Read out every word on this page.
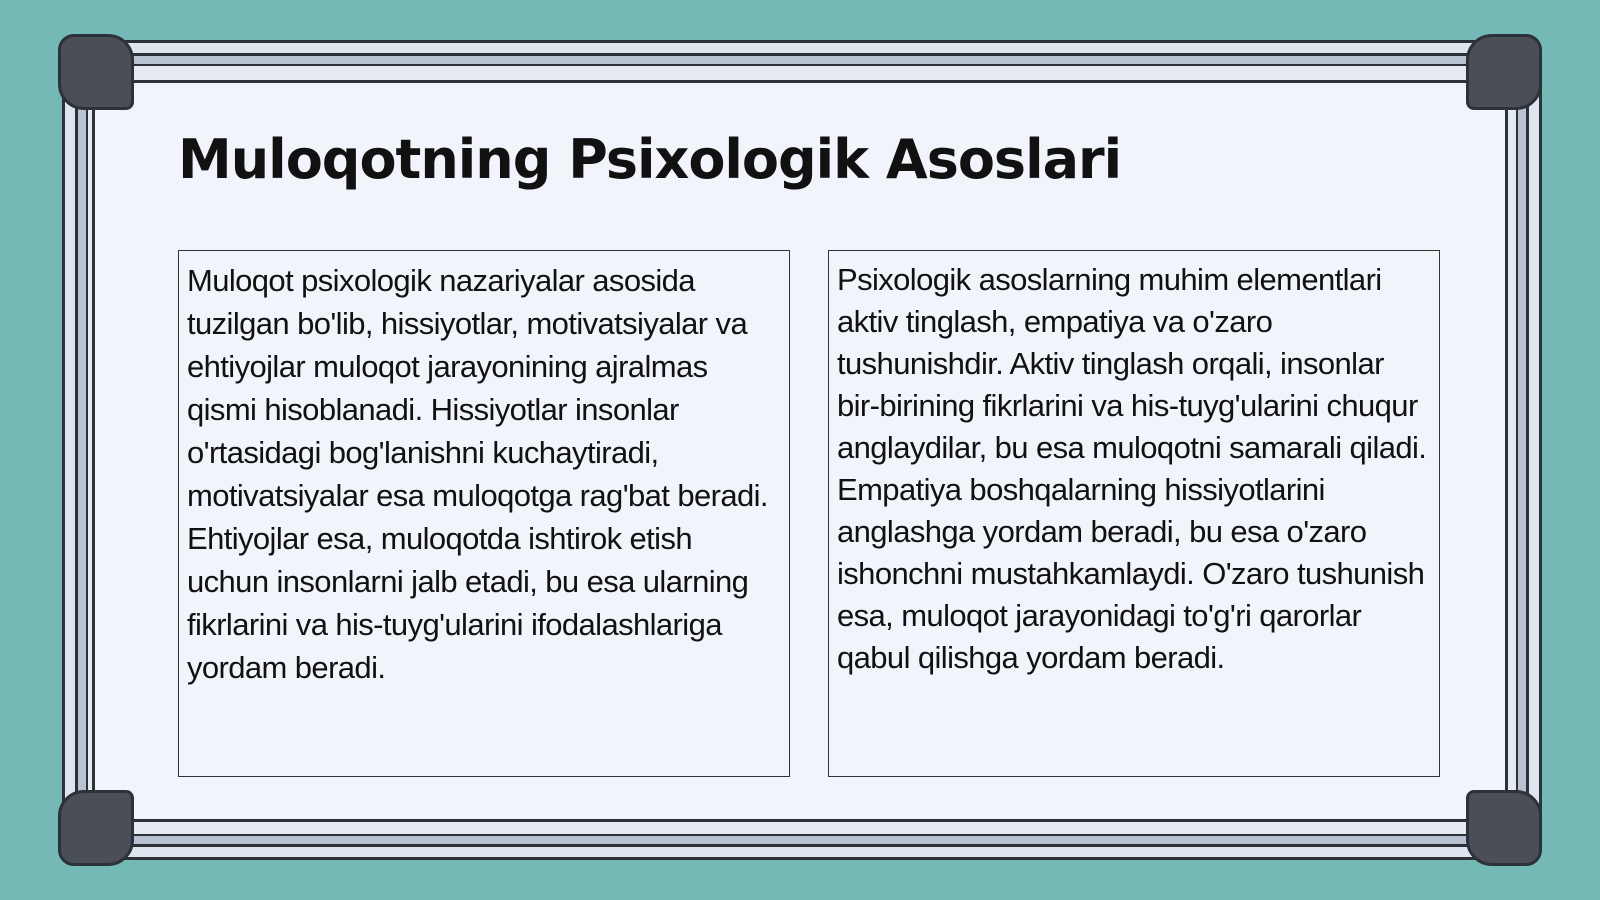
Muloqotning Psixologik Asoslari
Muloqot psixologik nazariyalar asosida tuzilgan bo'lib, hissiyotlar, motivatsiyalar va ehtiyojlar muloqot jarayonining ajralmas qismi hisoblanadi. Hissiyotlar insonlar o'rtasidagi bog'lanishni kuchaytiradi, motivatsiyalar esa muloqotga rag'bat beradi. Ehtiyojlar esa, muloqotda ishtirok etish uchun insonlarni jalb etadi, bu esa ularning fikrlarini va his-tuyg'ularini ifodalashlariga yordam beradi.
Psixologik asoslarning muhim elementlari aktiv tinglash, empatiya va o'zaro tushunishdir. Aktiv tinglash orqali, insonlar bir-birining fikrlarini va his-tuyg'ularini chuqur anglaydilar, bu esa muloqotni samarali qiladi. Empatiya boshqalarning hissiyotlarini anglashga yordam beradi, bu esa o'zaro ishonchni mustahkamlaydi. O'zaro tushunish esa, muloqot jarayonidagi to'g'ri qarorlar qabul qilishga yordam beradi.
